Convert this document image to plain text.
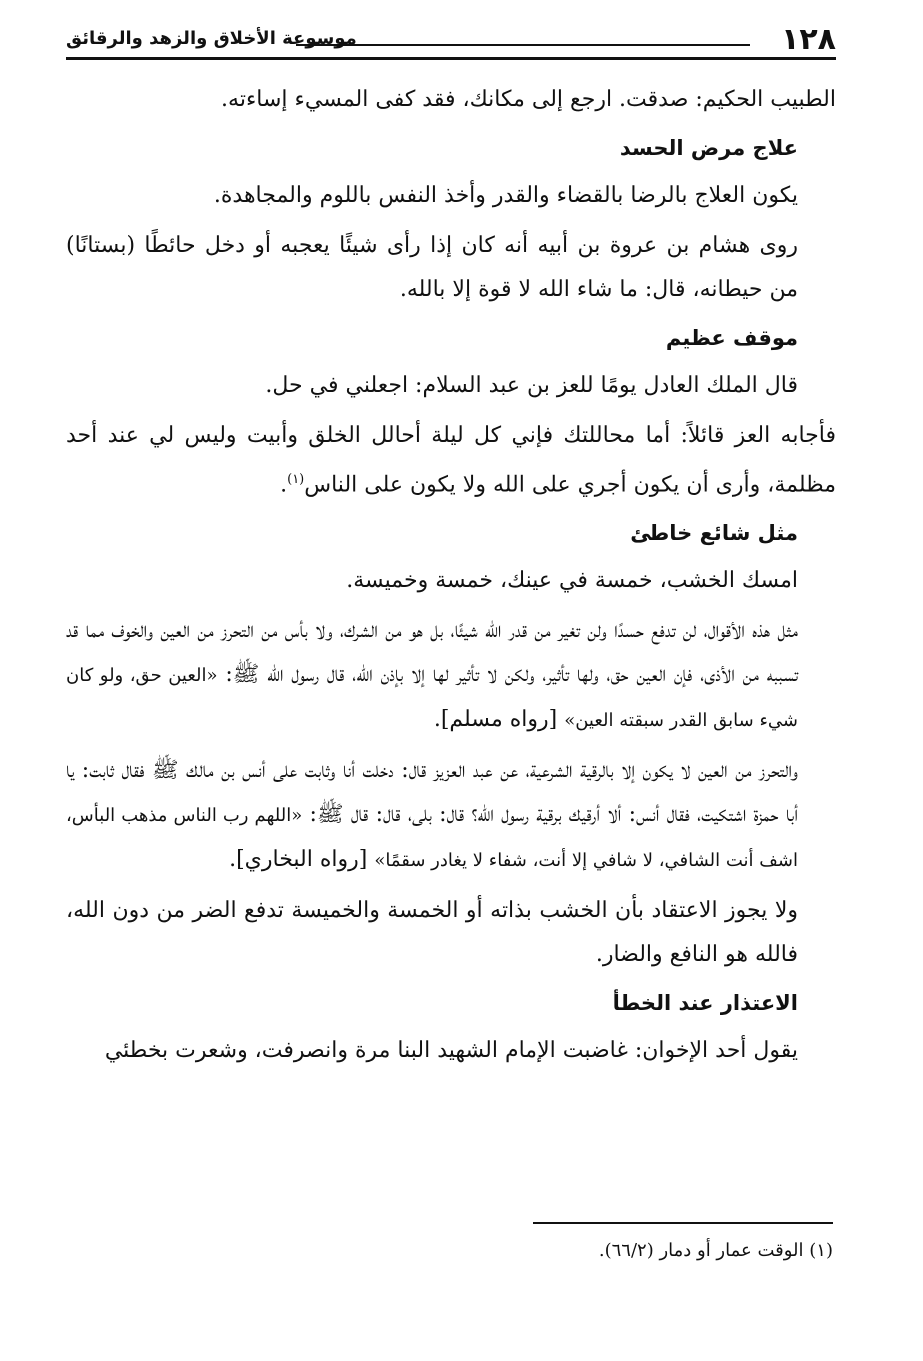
١٢٨
موسوعة الأخلاق والزهد والرقائق

الطبيب الحكيم: صدقت. ارجع إلى مكانك، فقد كفى المسيء إساءته.

علاج مرض الحسد

يكون العلاج بالرضا بالقضاء والقدر وأخذ النفس باللوم والمجاهدة.

روى هشام بن عروة بن أبيه أنه كان إذا رأى شيئًا يعجبه أو دخل حائطًا (بستانًا) من حيطانه، قال: ما شاء الله لا قوة إلا بالله.

موقف عظيم

قال الملك العادل يومًا للعز بن عبد السلام: اجعلني في حل.

فأجابه العز قائلاً: أما محاللتك فإني كل ليلة أحالل الخلق وأبيت وليس لي عند أحد مظلمة، وأرى أن يكون أجري على الله ولا يكون على الناس$^{(١)}$.

مثل شائع خاطئ

امسك الخشب، خمسة في عينك، خمسة وخميسة.

مثل هذه الأقوال، لن تدفع حسدًا ولن تغير من قدر الله شيئًا، بل هو من الشرك، ولا بأس من التحرز من العين والخوف مما قد تسببه من الأذى، فإن العين حق، ولها تأثير، ولكن لا تأثير لها إلا بإذن الله، قال رسول الله ﷺ: «العين حق، ولو كان شيء سابق القدر سبقته العين» [رواه مسلم].

والتحرز من العين لا يكون إلا بالرقية الشرعية، عن عبد العزيز قال: دخلت أنا وثابت على أنس بن مالك ﷺ فقال ثابت: يا أبا حمزة اشتكيت، فقال أنس: ألا أرقيك برقية رسول الله؟ قال: بلى، قال: قال ﷺ: «اللهم رب الناس مذهب البأس، اشف أنت الشافي، لا شافي إلا أنت، شفاء لا يغادر سقمًا» [رواه البخاري].

ولا يجوز الاعتقاد بأن الخشب بذاته أو الخمسة والخميسة تدفع الضر من دون الله، فالله هو النافع والضار.

الاعتذار عند الخطأ

يقول أحد الإخوان: غاضبت الإمام الشهيد البنا مرة وانصرفت، وشعرت بخطئي

(١) الوقت عمار أو دمار (٦٦/٢).
